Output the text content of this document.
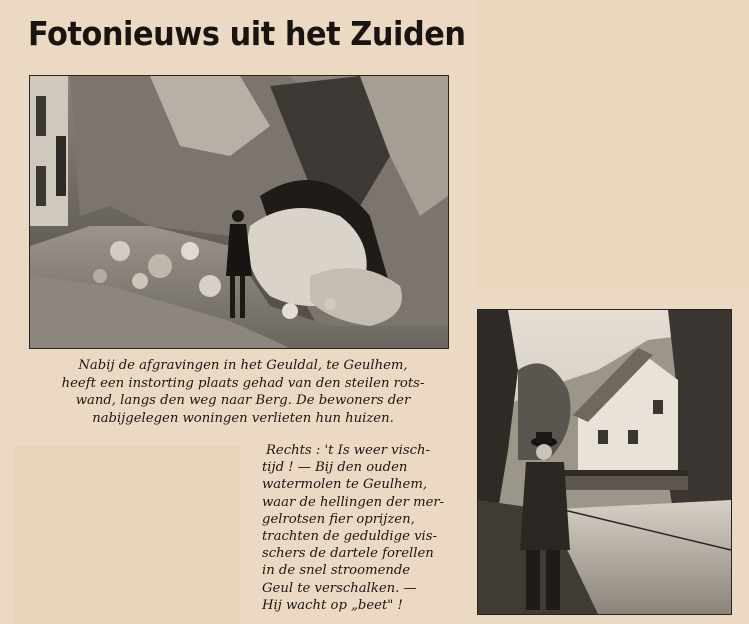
Fotonieuws uit het Zuiden
Nabij de afgravingen in het Geuldal, te Geulhem,
heeft een instorting plaats gehad van den steilen rots-
wand, langs den weg naar Berg. De bewoners der
nabijgelegen woningen verlieten hun huizen.
Rechts : 't Is weer visch-
tijd ! — Bij den ouden
watermolen te Geulhem,
waar de hellingen der mer-
gelrotsen fier oprijzen,
trachten de geduldige vis-
schers de dartele forellen
in de snel stroomende
Geul te verschalken. —
Hij wacht op „beet" !
